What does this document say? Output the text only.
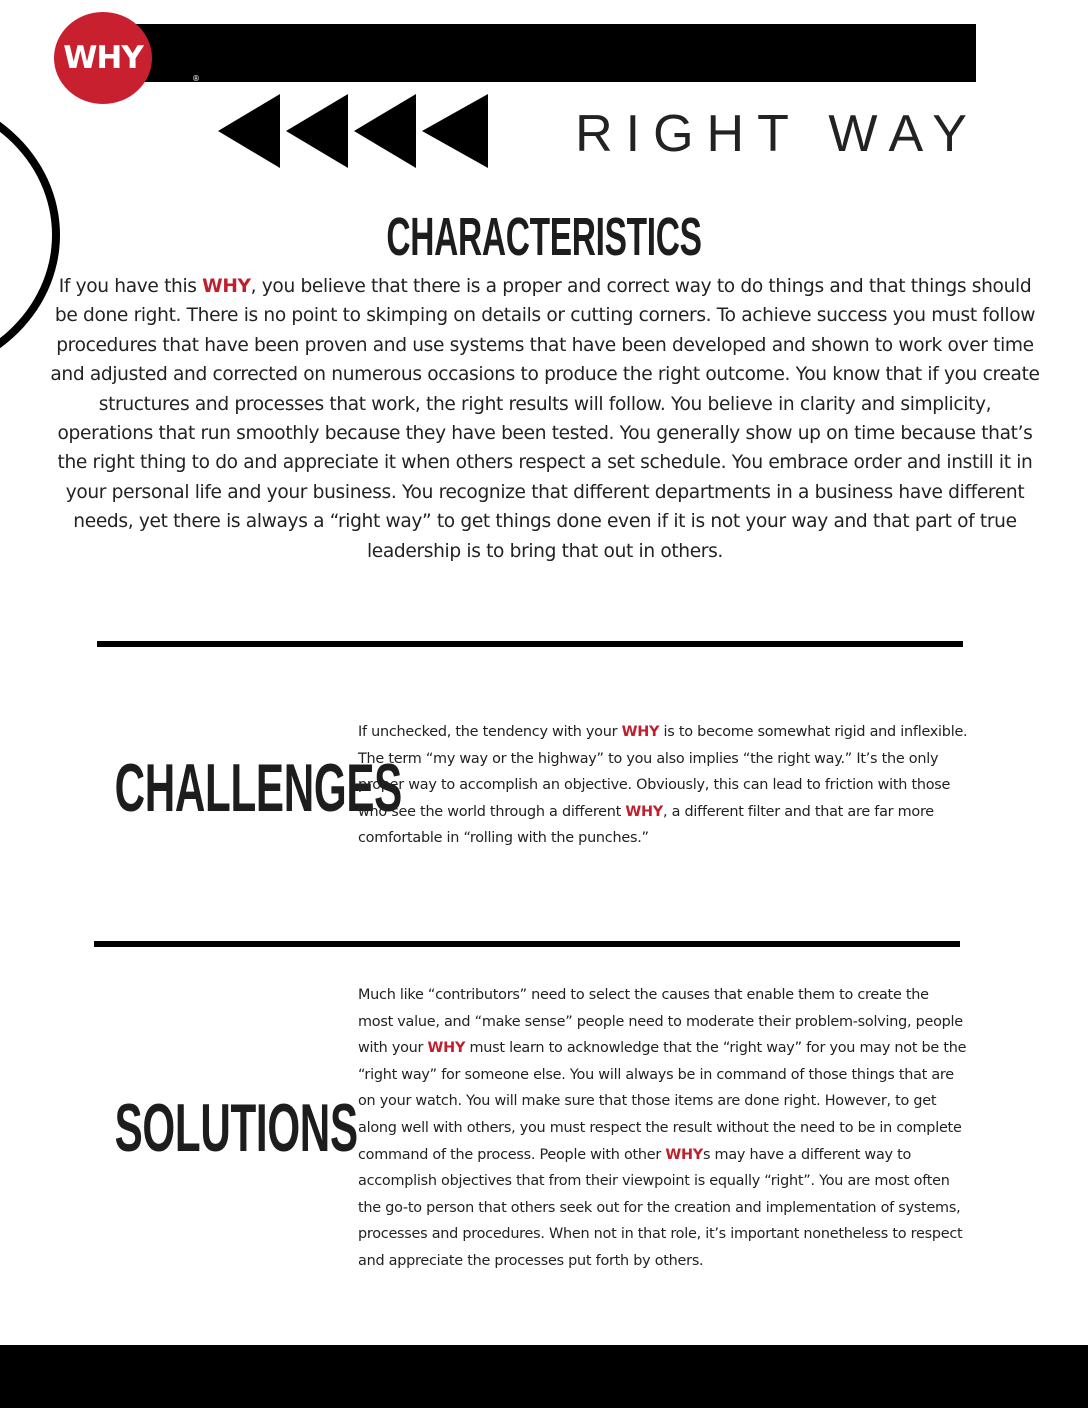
WHY
®
RIGHT WAY
CHARACTERISTICS
If you have this WHY, you believe that there is a proper and correct way to do things and that things should be done right. There is no point to skimping on details or cutting corners. To achieve success you must follow procedures that have been proven and use systems that have been developed and shown to work over time and adjusted and corrected on numerous occasions to produce the right outcome. You know that if you create structures and processes that work, the right results will follow. You believe in clarity and simplicity, operations that run smoothly because they have been tested. You generally show up on time because that’s the right thing to do and appreciate it when others respect a set schedule. You embrace order and instill it in your personal life and your business. You recognize that different departments in a business have different needs, yet there is always a “right way” to get things done even if it is not your way and that part of true leadership is to bring that out in others.
CHALLENGES
If unchecked, the tendency with your WHY is to become somewhat rigid and inflexible. The term “my way or the highway” to you also implies “the right way.” It’s the only proper way to accomplish an objective. Obviously, this can lead to friction with those who see the world through a different WHY, a different filter and that are far more comfortable in “rolling with the punches.”
SOLUTIONS
Much like “contributors” need to select the causes that enable them to create the most value, and “make sense” people need to moderate their problem-solving, people with your WHY must learn to acknowledge that the “right way” for you may not be the “right way” for someone else. You will always be in command of those things that are on your watch. You will make sure that those items are done right. However, to get along well with others, you must respect the result without the need to be in complete command of the process. People with other WHYs may have a different way to accomplish objectives that from their viewpoint is equally “right”. You are most often the go-to person that others seek out for the creation and implementation of systems, processes and procedures. When not in that role, it’s important nonetheless to respect and appreciate the processes put forth by others.
